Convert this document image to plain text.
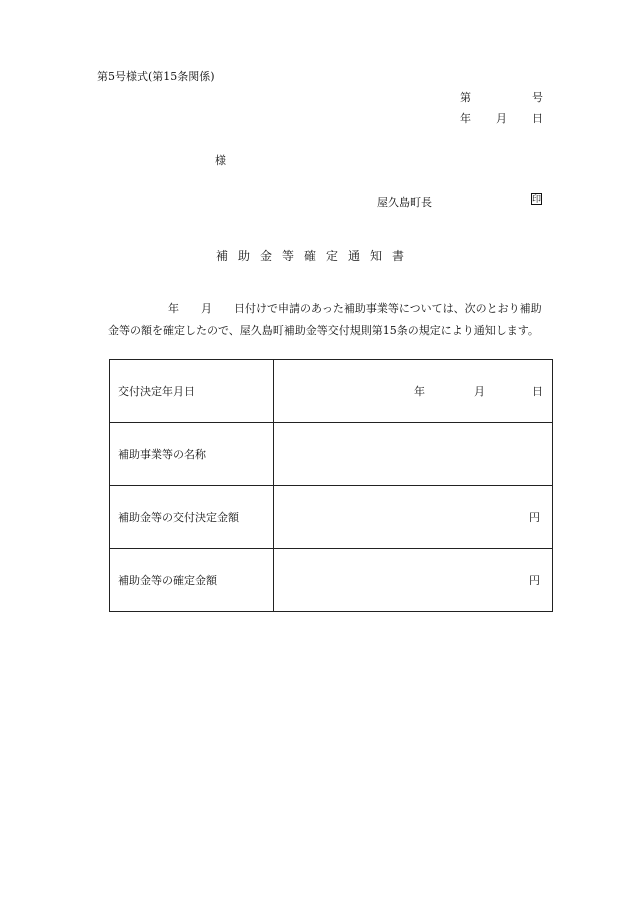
第5号様式(第15条関係)
第	号
年 月 日
様
屋久島町長	印
補助金等確定通知書
年　　月　　日付けで申請のあった補助事業等については、次のとおり補助
金等の額を確定したので、屋久島町補助金等交付規則第15条の規定により通知します。
交付決定年月日	年 月 日

補助事業等の名称	
補助金等の交付決定金額	円
補助金等の確定金額	円
